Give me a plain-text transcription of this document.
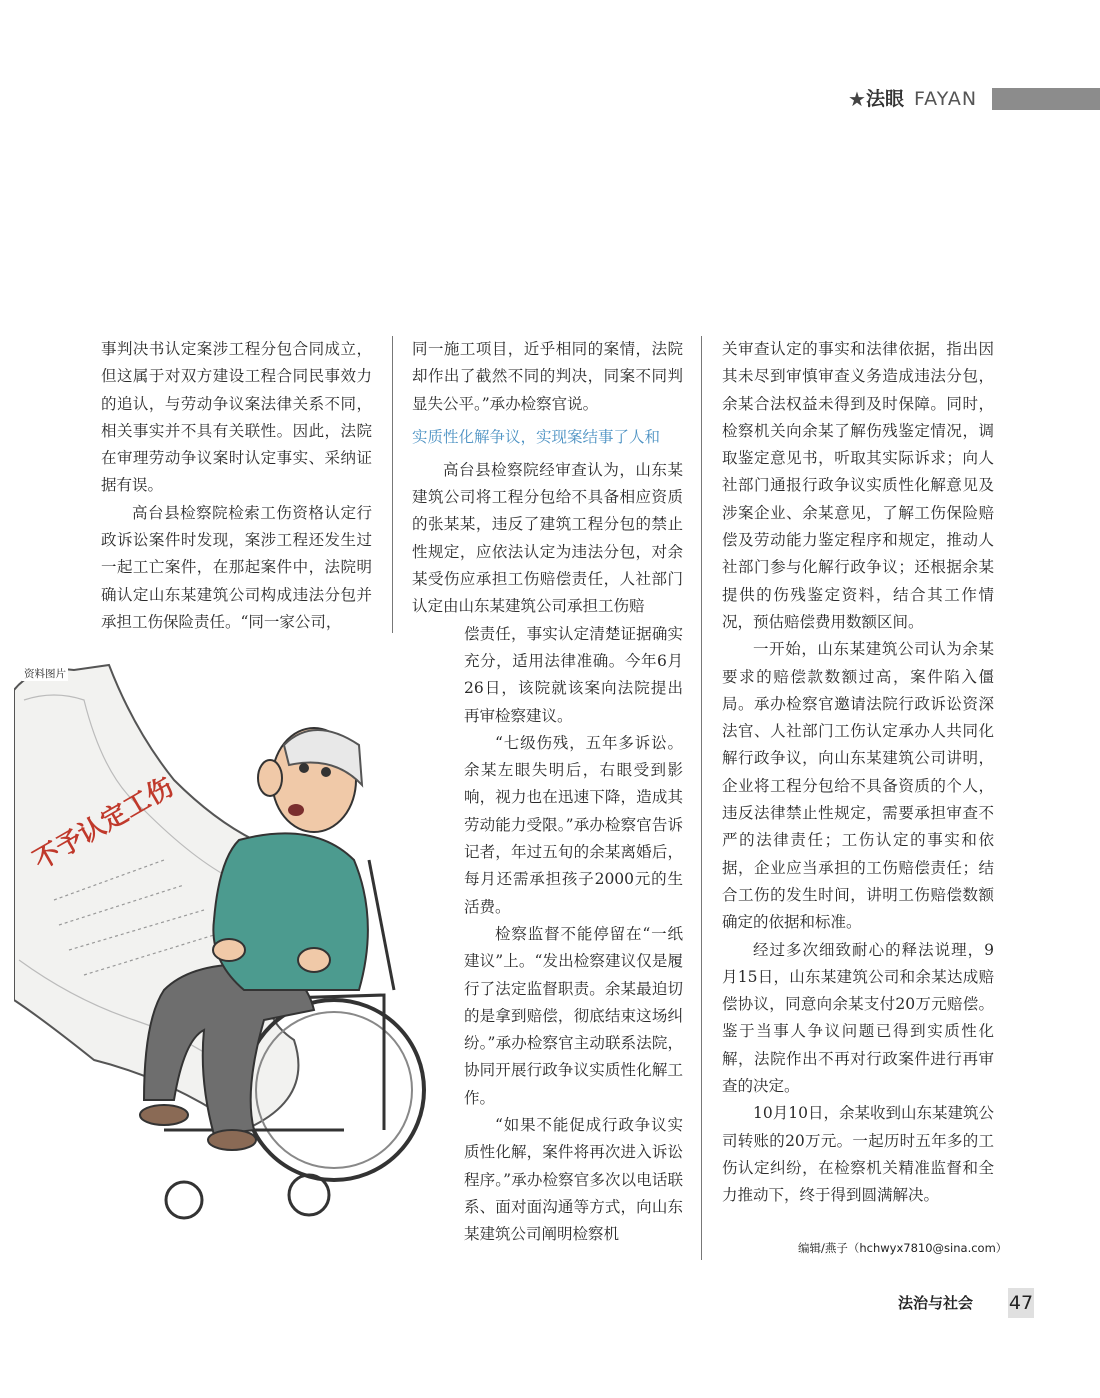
★ 法眼 FAYAN

事判决书认定案涉工程分包合同成立，但这属于对双方建设工程合同民事效力的追认，与劳动争议案法律关系不同，相关事实并不具有关联性。因此，法院在审理劳动争议案时认定事实、采纳证据有误。

高台县检察院检索工伤资格认定行政诉讼案件时发现，案涉工程还发生过一起工亡案件，在那起案件中，法院明确认定山东某建筑公司构成违法分包并承担工伤保险责任。“同一家公司，

同一施工项目，近乎相同的案情，法院却作出了截然不同的判决，同案不同判显失公平。”承办检察官说。

实质性化解争议，实现案结事了人和

高台县检察院经审查认为，山东某建筑公司将工程分包给不具备相应资质的张某某，违反了建筑工程分包的禁止性规定，应依法认定为违法分包，对余某受伤应承担工伤赔偿责任，人社部门认定由山东某建筑公司承担工伤赔

偿责任，事实认定清楚证据确实充分，适用法律准确。今年6月26日，该院就该案向法院提出再审检察建议。

“七级伤残，五年多诉讼。余某左眼失明后，右眼受到影响，视力也在迅速下降，造成其劳动能力受限。”承办检察官告诉记者，年过五旬的余某离婚后，每月还需承担孩子2000元的生活费。

检察监督不能停留在“一纸建议”上。“发出检察建议仅是履行了法定监督职责。余某最迫切的是拿到赔偿，彻底结束这场纠纷。”承办检察官主动联系法院，协同开展行政争议实质性化解工作。

“如果不能促成行政争议实质性化解，案件将再次进入诉讼程序。”承办检察官多次以电话联系、面对面沟通等方式，向山东某建筑公司阐明检察机

关审查认定的事实和法律依据，指出因其未尽到审慎审查义务造成违法分包，余某合法权益未得到及时保障。同时，检察机关向余某了解伤残鉴定情况，调取鉴定意见书，听取其实际诉求；向人社部门通报行政争议实质性化解意见及涉案企业、余某意见，了解工伤保险赔偿及劳动能力鉴定程序和规定，推动人社部门参与化解行政争议；还根据余某提供的伤残鉴定资料，结合其工作情况，预估赔偿费用数额区间。

一开始，山东某建筑公司认为余某要求的赔偿款数额过高，案件陷入僵局。承办检察官邀请法院行政诉讼资深法官、人社部门工伤认定承办人共同化解行政争议，向山东某建筑公司讲明，企业将工程分包给不具备资质的个人，违反法律禁止性规定，需要承担审查不严的法律责任；工伤认定的事实和依据，企业应当承担的工伤赔偿责任；结合工伤的发生时间，讲明工伤赔偿数额确定的依据和标准。

经过多次细致耐心的释法说理，9月15日，山东某建筑公司和余某达成赔偿协议，同意向余某支付20万元赔偿。鉴于当事人争议问题已得到实质性化解，法院作出不再对行政案件进行再审查的决定。

10月10日，余某收到山东某建筑公司转账的20万元。一起历时五年多的工伤认定纠纷，在检察机关精准监督和全力推动下，终于得到圆满解决。

不予认定工伤
资料图片
编辑/燕子（hchwyx7810@sina.com）
法治与社会 47
